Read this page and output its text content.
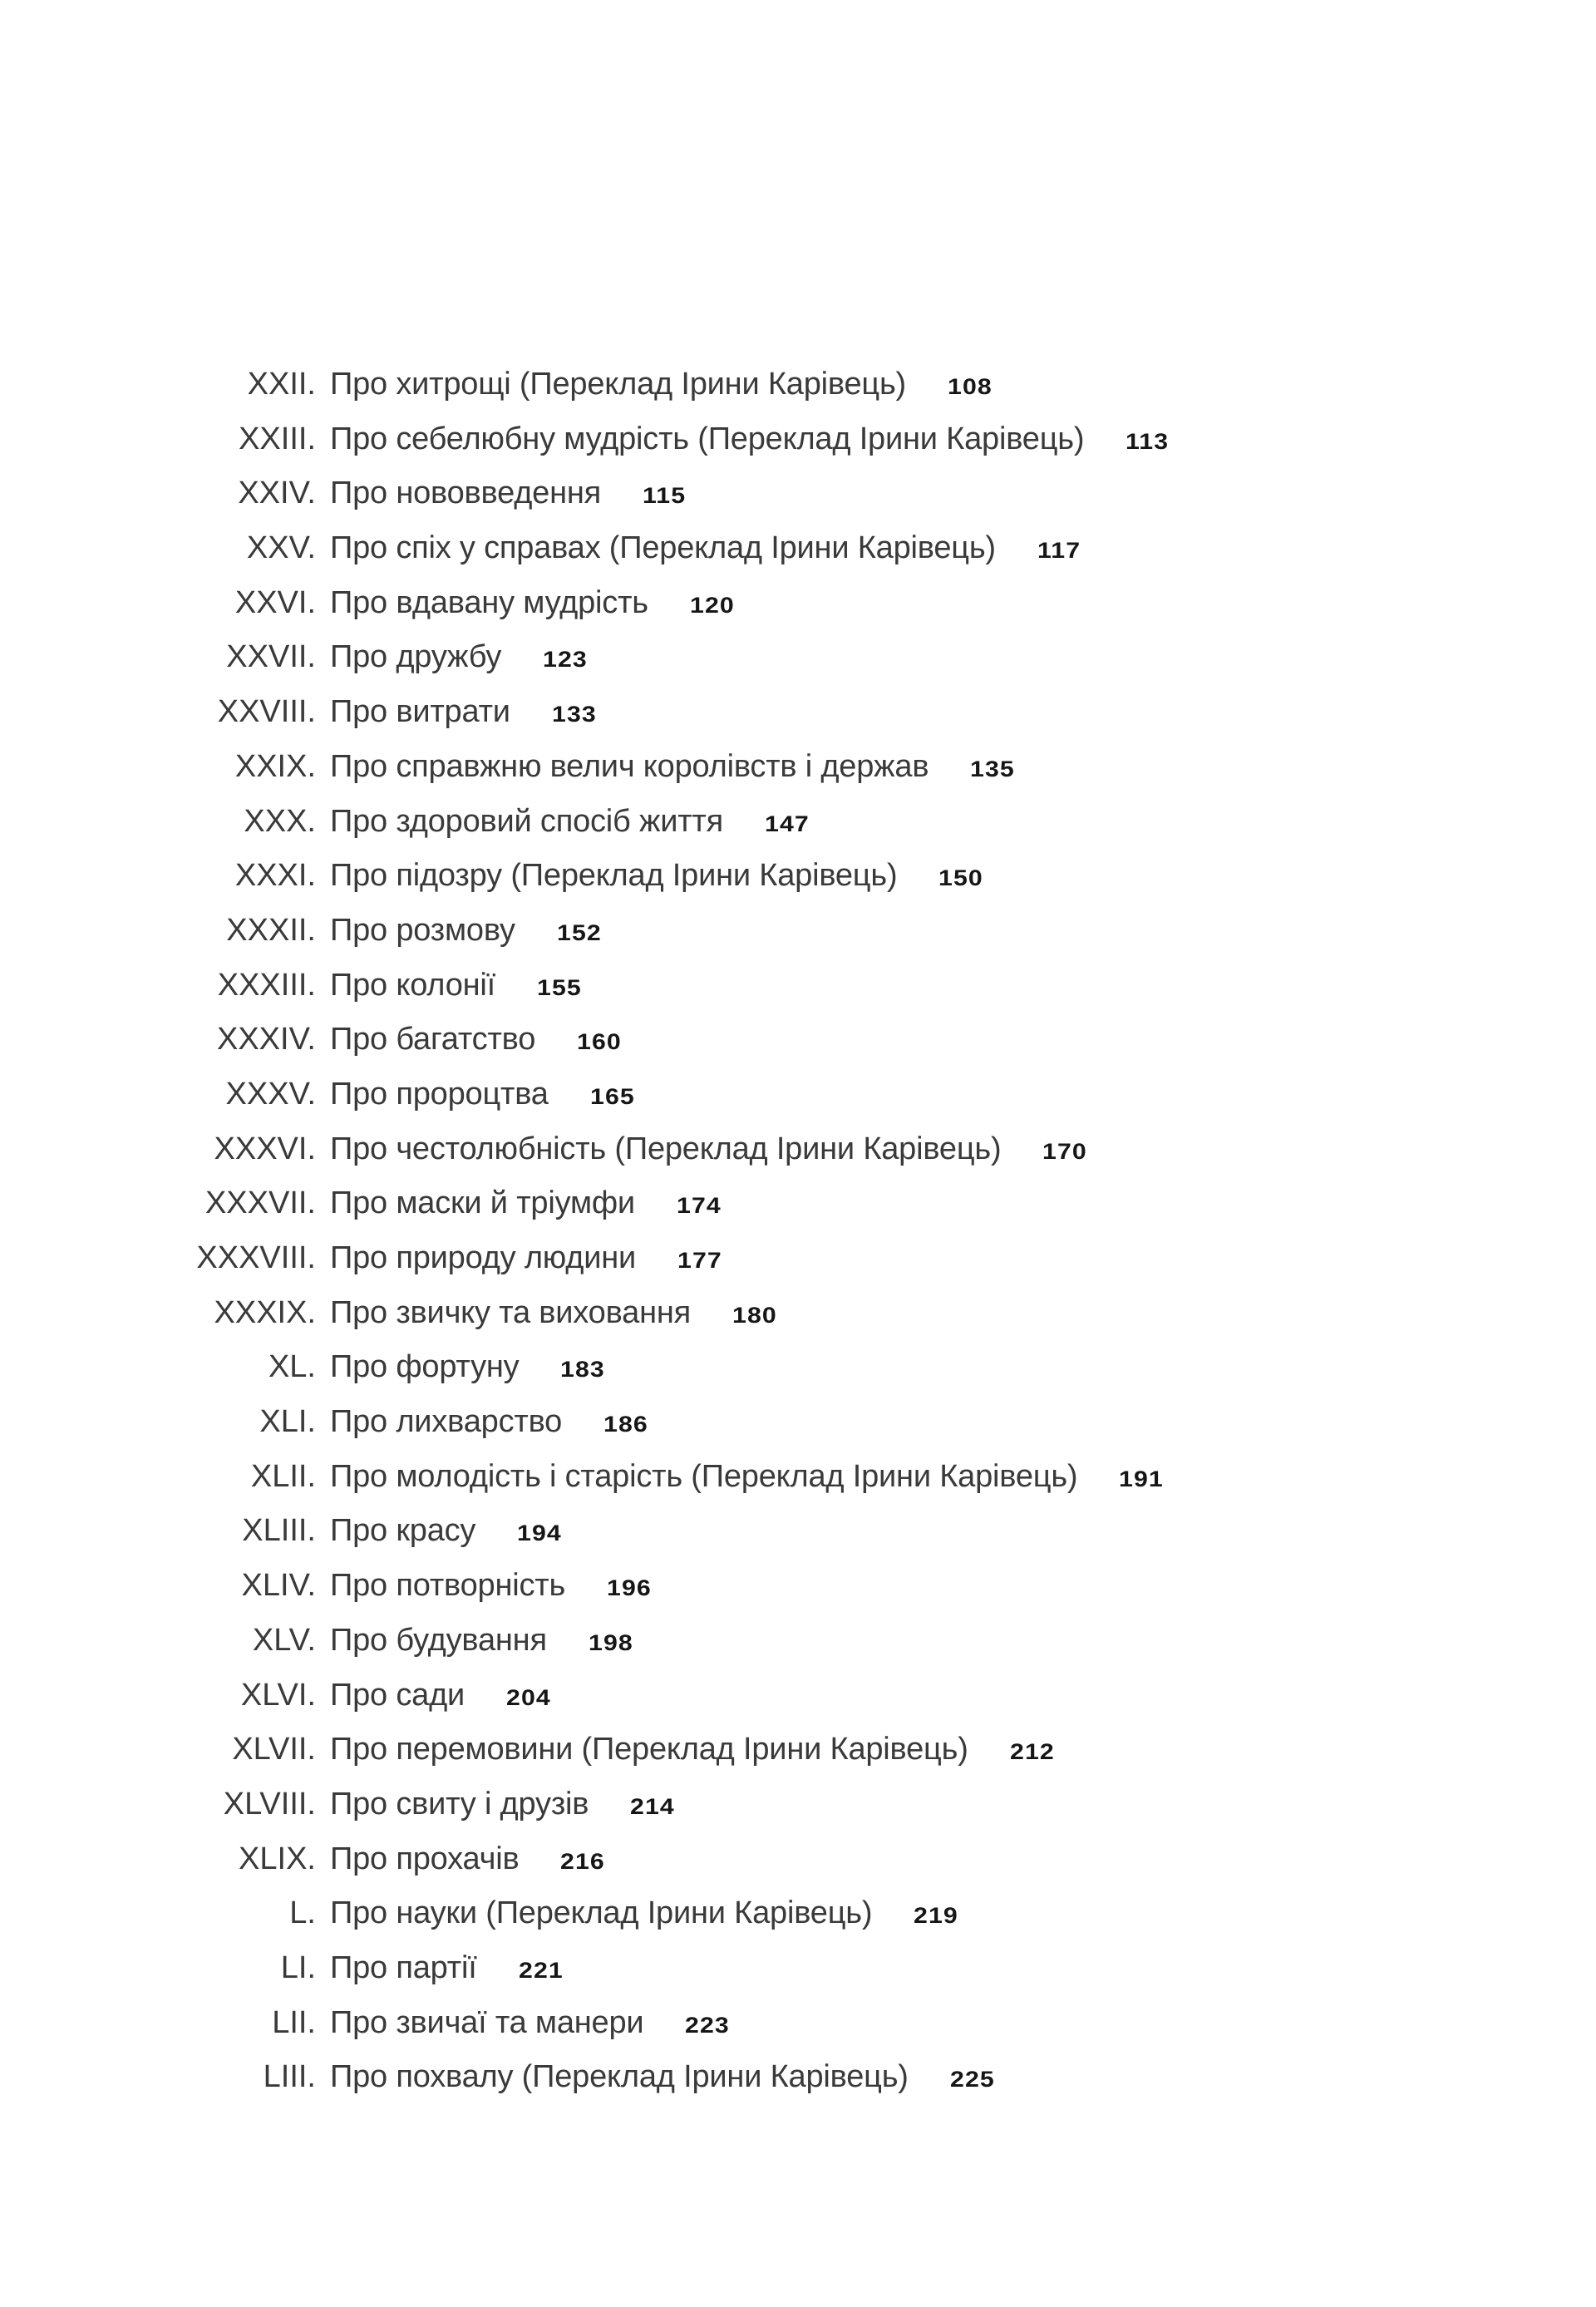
XXII. Про хитрощі (Переклад Ірини Карівець) 108
XXIII. Про себелюбну мудрість (Переклад Ірини Карівець) 113
XXIV. Про нововведення 115
XXV. Про спіх у справах (Переклад Ірини Карівець) 117
XXVI. Про вдавану мудрість 120
XXVII. Про дружбу 123
XXVIII. Про витрати 133
XXIX. Про справжню велич королівств і держав 135
XXX. Про здоровий спосіб життя 147
XXXI. Про підозру (Переклад Ірини Карівець) 150
XXXII. Про розмову 152
XXXIII. Про колонії 155
XXXIV. Про багатство 160
XXXV. Про пророцтва 165
XXXVI. Про честолюбність (Переклад Ірини Карівець) 170
XXXVII. Про маски й тріумфи 174
XXXVIII. Про природу людини 177
XXXIX. Про звичку та виховання 180
XL. Про фортуну 183
XLI. Про лихварство 186
XLII. Про молодість і старість (Переклад Ірини Карівець) 191
XLIII. Про красу 194
XLIV. Про потворність 196
XLV. Про будування 198
XLVI. Про сади 204
XLVII. Про перемовини (Переклад Ірини Карівець) 212
XLVIII. Про свиту і друзів 214
XLIX. Про прохачів 216
L. Про науки (Переклад Ірини Карівець) 219
LI. Про партії 221
LII. Про звичаї та манери 223
LIII. Про похвалу (Переклад Ірини Карівець) 225
